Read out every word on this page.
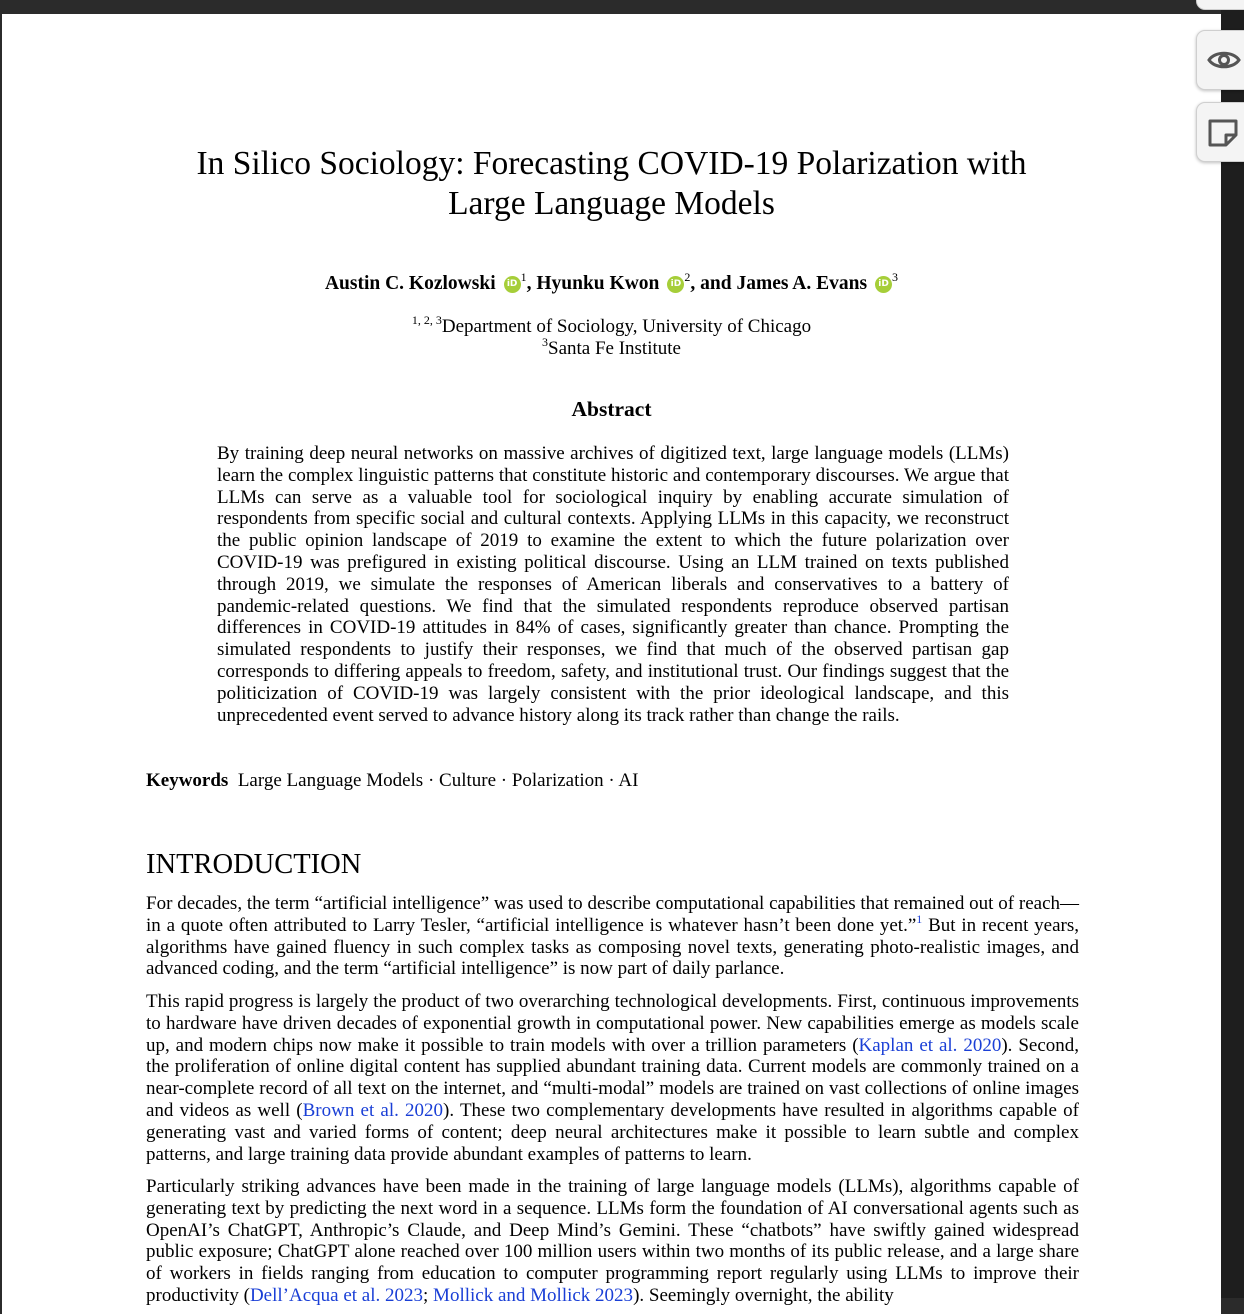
In Silico Sociology: Forecasting COVID-19 Polarization with
Large Language Models
Austin C. Kozlowski iD $^1$, Hyunku Kwon iD $^2$, and James A. Evans iD $^3$
$^{1, 2, 3}$Department of Sociology, University of Chicago
$^3$Santa Fe Institute
Abstract
By training deep neural networks on massive archives of digitized text, large language models (LLMs) learn the complex linguistic patterns that constitute historic and contemporary discourses. We argue that LLMs can serve as a valuable tool for sociological inquiry by enabling accurate simulation of respondents from specific social and cultural contexts. Applying LLMs in this capacity, we reconstruct the public opinion landscape of 2019 to examine the extent to which the future polarization over COVID-19 was prefigured in existing political discourse. Using an LLM trained on texts published through 2019, we simulate the responses of American liberals and conservatives to a battery of pandemic-related questions. We find that the simulated respondents reproduce observed partisan differences in COVID-19 attitudes in 84% of cases, significantly greater than chance. Prompting the simulated respondents to justify their responses, we find that much of the observed partisan gap corresponds to differing appeals to freedom, safety, and institutional trust. Our findings suggest that the politicization of COVID-19 was largely consistent with the prior ideological landscape, and this unprecedented event served to advance history along its track rather than change the rails.
Keywords Large Language Models · Culture · Polarization · AI
INTRODUCTION
For decades, the term “artificial intelligence” was used to describe computational capabilities that remained out of reach—in a quote often attributed to Larry Tesler, “artificial intelligence is whatever hasn’t been done yet.”$^1$ But in recent years, algorithms have gained fluency in such complex tasks as composing novel texts, generating photo-realistic images, and advanced coding, and the term “artificial intelligence” is now part of daily parlance.
This rapid progress is largely the product of two overarching technological developments. First, continuous improvements to hardware have driven decades of exponential growth in computational power. New capabilities emerge as models scale up, and modern chips now make it possible to train models with over a trillion parameters (Kaplan et al. 2020). Second, the proliferation of online digital content has supplied abundant training data. Current models are commonly trained on a near-complete record of all text on the internet, and “multi-modal” models are trained on vast collections of online images and videos as well (Brown et al. 2020). These two complementary developments have resulted in algorithms capable of generating vast and varied forms of content; deep neural architectures make it possible to learn subtle and complex patterns, and large training data provide abundant examples of patterns to learn.
Particularly striking advances have been made in the training of large language models (LLMs), algorithms capable of generating text by predicting the next word in a sequence. LLMs form the foundation of AI conversational agents such as OpenAI’s ChatGPT, Anthropic’s Claude, and Deep Mind’s Gemini. These “chatbots” have swiftly gained widespread public exposure; ChatGPT alone reached over 100 million users within two months of its public release, and a large share of workers in fields ranging from education to computer programming report regularly using LLMs to improve their productivity (Dell’Acqua et al. 2023; Mollick and Mollick 2023). Seemingly overnight, the ability
